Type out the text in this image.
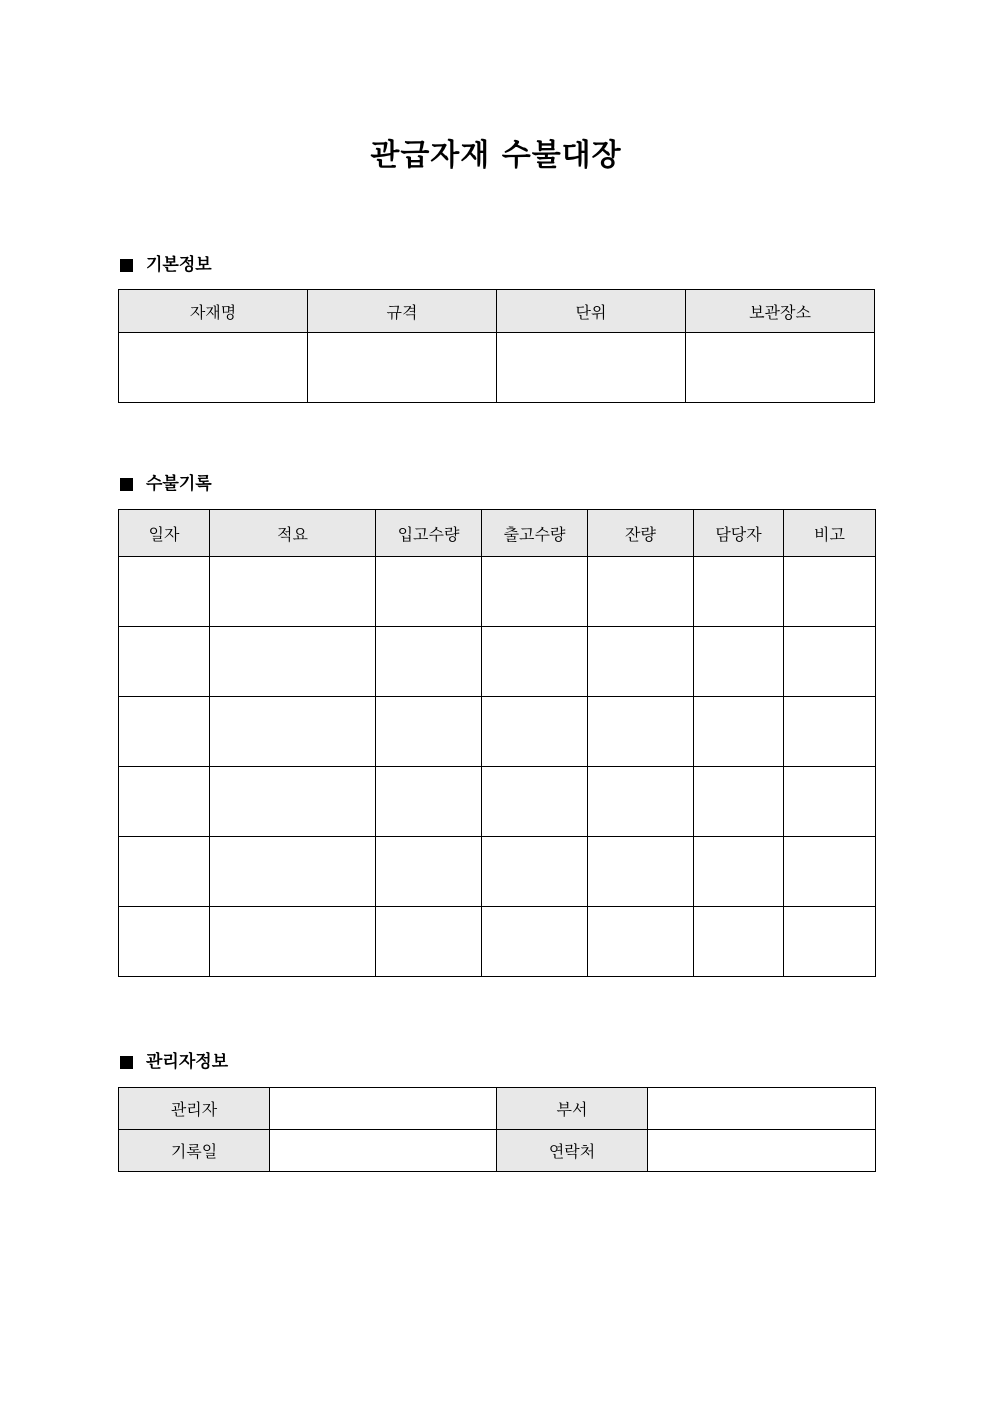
관급자재 수불대장
기본정보
자재명	규격	단위	보관장소

수불기록
일자	적요	입고수량	출고수량	잔량	담당자	비고

관리자정보
관리자		부서	
기록일		연락처	
